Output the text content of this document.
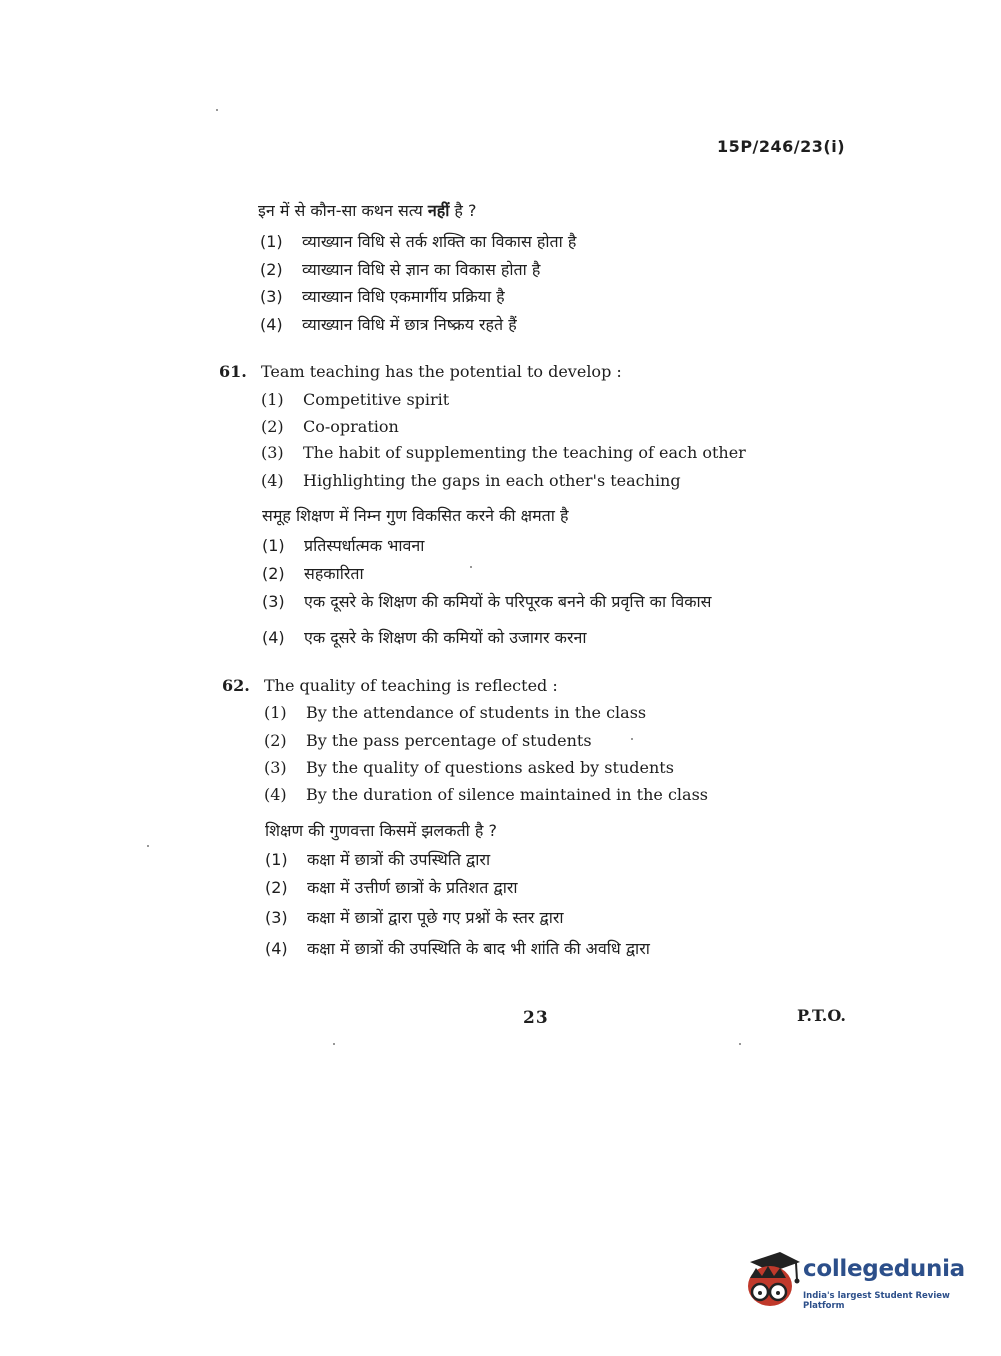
15P/246/23(i)
इन में से कौन-सा कथन सत्य नहीं है ?
(1) व्याख्यान विधि से तर्क शक्ति का विकास होता है
(2) व्याख्यान विधि से ज्ञान का विकास होता है
(3) व्याख्यान विधि एकमार्गीय प्रक्रिया है
(4) व्याख्यान विधि में छात्र निष्क्रय रहते हैं
61. Team teaching has the potential to develop :
(1) Competitive spirit
(2) Co-opration
(3) The habit of supplementing the teaching of each other
(4) Highlighting the gaps in each other's teaching
समूह शिक्षण में निम्न गुण विकसित करने की क्षमता है
(1) प्रतिस्पर्धात्मक भावना
(2) सहकारिता
(3) एक दूसरे के शिक्षण की कमियों के परिपूरक बनने की प्रवृत्ति का विकास
(4) एक दूसरे के शिक्षण की कमियों को उजागर करना
62. The quality of teaching is reflected :
(1) By the attendance of students in the class
(2) By the pass percentage of students
(3) By the quality of questions asked by students
(4) By the duration of silence maintained in the class
शिक्षण की गुणवत्ता किसमें झलकती है ?
(1) कक्षा में छात्रों की उपस्थिति द्वारा
(2) कक्षा में उत्तीर्ण छात्रों के प्रतिशत द्वारा
(3) कक्षा में छात्रों द्वारा पूछे गए प्रश्नों के स्तर द्वारा
(4) कक्षा में छात्रों की उपस्थिति के बाद भी शांति की अवधि द्वारा
23	P.T.O.
collegedunia
India's largest Student Review Platform
